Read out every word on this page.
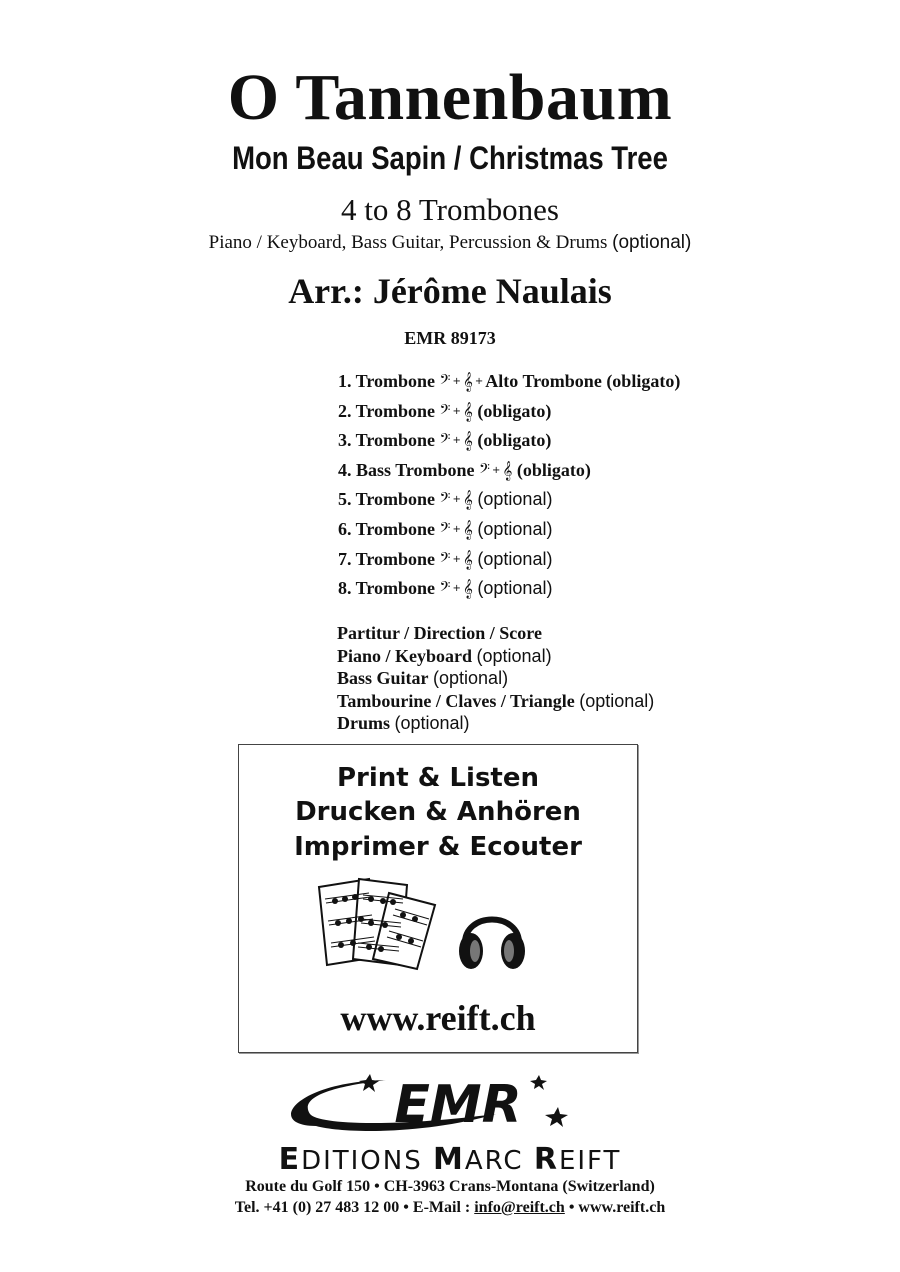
O Tannenbaum
Mon Beau Sapin / Christmas Tree
4 to 8 Trombones
Piano / Keyboard, Bass Guitar, Percussion & Drums (optional)
Arr.: Jérôme Naulais
EMR 89173
1. Trombone 𝄢 + 𝄞 + Alto Trombone (obligato)
2. Trombone 𝄢 + 𝄞 (obligato)
3. Trombone 𝄢 + 𝄞 (obligato)
4. Bass Trombone 𝄢 + 𝄞 (obligato)
5. Trombone 𝄢 + 𝄞 (optional)
6. Trombone 𝄢 + 𝄞 (optional)
7. Trombone 𝄢 + 𝄞 (optional)
8. Trombone 𝄢 + 𝄞 (optional)
Partitur / Direction / Score
Piano / Keyboard (optional)
Bass Guitar (optional)
Tambourine / Claves / Triangle (optional)
Drums (optional)
Print & Listen
Drucken & Anhören
Imprimer & Ecouter
www.reift.ch
EMR
EDITIONS MARC REIFT
Route du Golf 150 • CH-3963 Crans-Montana (Switzerland)
Tel. +41 (0) 27 483 12 00 • E-Mail : info@reift.ch • www.reift.ch
